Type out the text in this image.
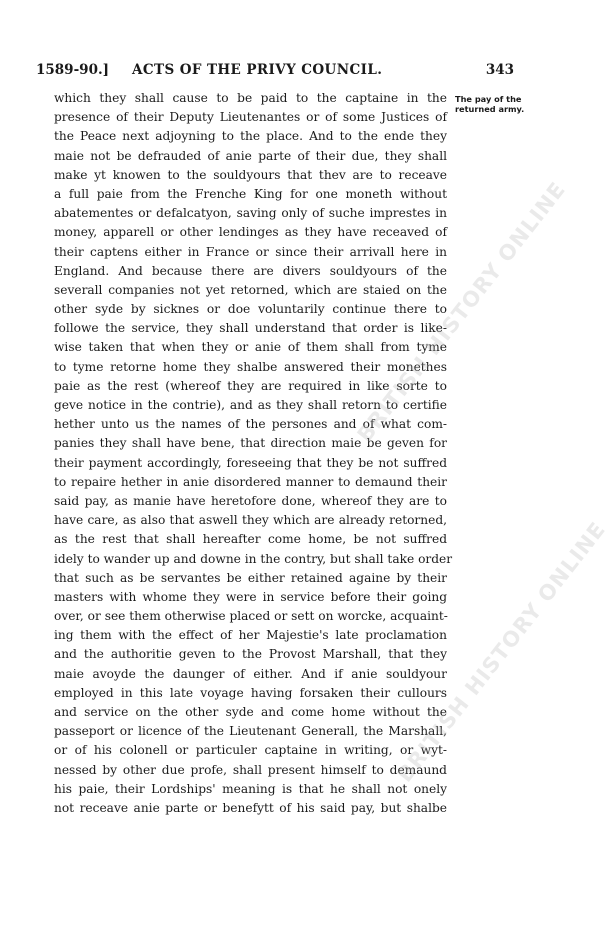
1589-90.] ACTS OF THE PRIVY COUNCIL.	343
The pay of the returned army.
which they shall cause to be paid to the captaine in the
presence of their Deputy Lieutenantes or of some Justices of
the Peace next adjoyning to the place. And to the ende they
maie not be defrauded of anie parte of their due, they shall
make yt knowen to the souldyours that thev are to receave
a full paie from the Frenche King for one moneth without
abatementes or defalcatyon, saving only of suche imprestes in
money, apparell or other lendinges as they have receaved of
their captens either in France or since their arrivall here in
England. And because there are divers souldyours of the
severall companies not yet retorned, which are staied on the
other syde by sicknes or doe voluntarily continue there to
followe the service, they shall understand that order is like-
wise taken that when they or anie of them shall from tyme
to tyme retorne home they shalbe answered their monethes
paie as the rest (whereof they are required in like sorte to
geve notice in the contrie), and as they shall retorn to certifie
hether unto us the names of the persones and of what com-
panies they shall have bene, that direction maie be geven for
their payment accordingly, foreseeing that they be not suffred
to repaire hether in anie disordered manner to demaund their
said pay, as manie have heretofore done, whereof they are to
have care, as also that aswell they which are already retorned,
as the rest that shall hereafter come home, be not suffred
idely to wander up and downe in the contry, but shall take order
that such as be servantes be either retained againe by their
masters with whome they were in service before their going
over, or see them otherwise placed or sett on worcke, acquaint-
ing them with the effect of her Majestie's late proclamation
and the authoritie geven to the Provost Marshall, that they
maie avoyde the daunger of either. And if anie souldyour
employed in this late voyage having forsaken their cullours
and service on the other syde and come home without the
passeport or licence of the Lieutenant Generall, the Marshall,
or of his colonell or particuler captaine in writing, or wyt-
nessed by other due profe, shall present himself to demaund
his paie, their Lordships' meaning is that he shall not onely
not receave anie parte or benefytt of his said pay, but shalbe
BRITISH HISTORY ONLINE
BRITISH HISTORY ONLINE
